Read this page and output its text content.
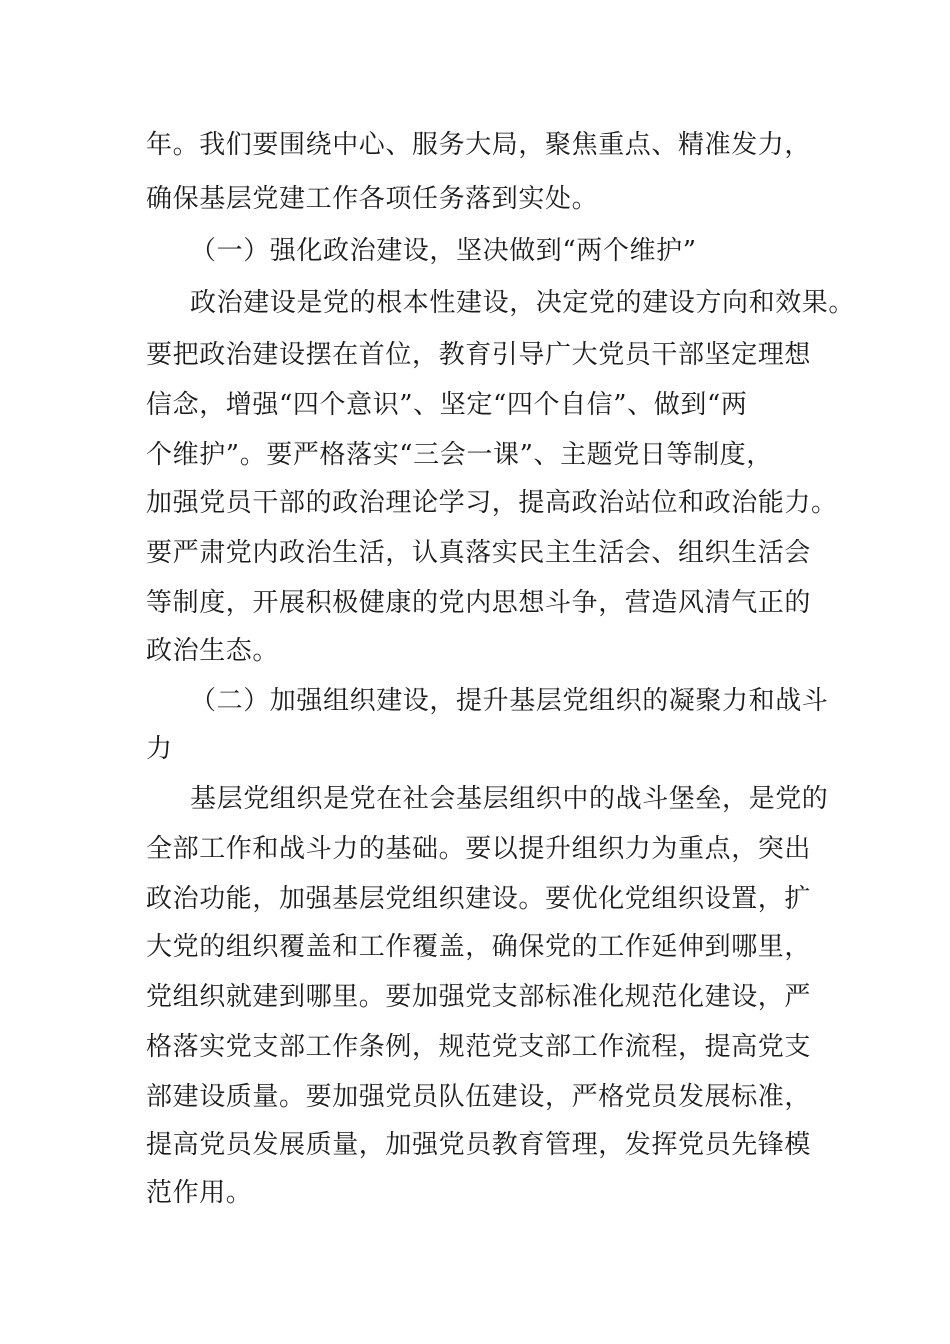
年。我们要围绕中心、服务大局，聚焦重点、精准发力，
确保基层党建工作各项任务落到实处。
（一）强化政治建设，坚决做到“两个维护”
政治建设是党的根本性建设，决定党的建设方向和效果。
要把政治建设摆在首位，教育引导广大党员干部坚定理想
信念，增强“四个意识”、坚定“四个自信”、做到“两
个维护”。要严格落实“三会一课”、主题党日等制度，
加强党员干部的政治理论学习，提高政治站位和政治能力。
要严肃党内政治生活，认真落实民主生活会、组织生活会
等制度，开展积极健康的党内思想斗争，营造风清气正的
政治生态。
（二）加强组织建设，提升基层党组织的凝聚力和战斗
力
基层党组织是党在社会基层组织中的战斗堡垒，是党的
全部工作和战斗力的基础。要以提升组织力为重点，突出
政治功能，加强基层党组织建设。要优化党组织设置，扩
大党的组织覆盖和工作覆盖，确保党的工作延伸到哪里，
党组织就建到哪里。要加强党支部标准化规范化建设，严
格落实党支部工作条例，规范党支部工作流程，提高党支
部建设质量。要加强党员队伍建设，严格党员发展标准，
提高党员发展质量，加强党员教育管理，发挥党员先锋模
范作用。
